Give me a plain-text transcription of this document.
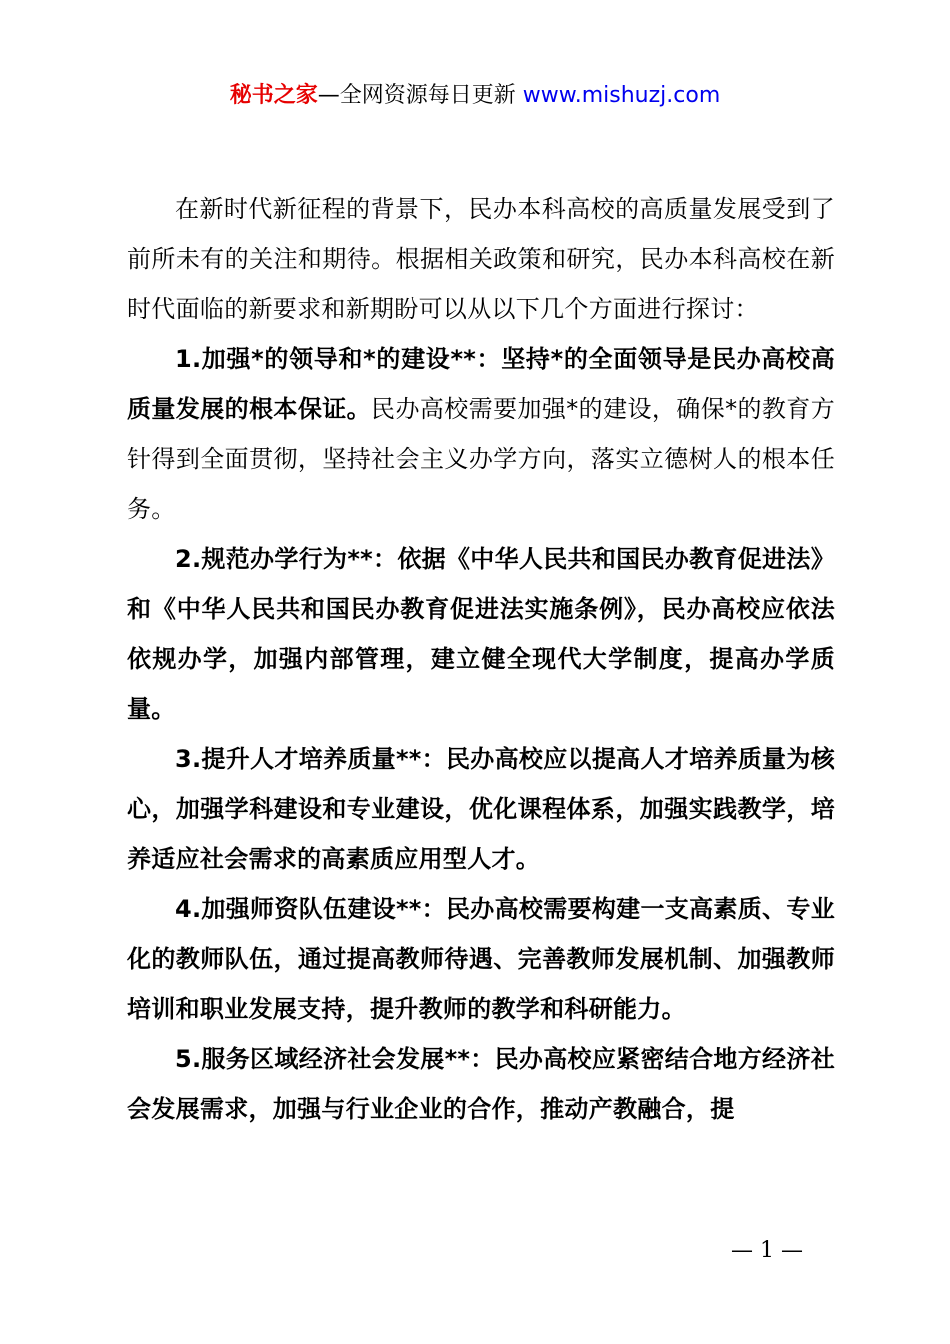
秘书之家—全网资源每日更新 www.mishuzj.com

在新时代新征程的背景下，民办本科高校的高质量发展受到了前所未有的关注和期待。根据相关政策和研究，民办本科高校在新时代面临的新要求和新期盼可以从以下几个方面进行探讨：

1.加强*的领导和*的建设**：坚持*的全面领导是民办高校高质量发展的根本保证。民办高校需要加强*的建设，确保*的教育方针得到全面贯彻，坚持社会主义办学方向，落实立德树人的根本任务。

2.规范办学行为**：依据《中华人民共和国民办教育促进法》和《中华人民共和国民办教育促进法实施条例》，民办高校应依法依规办学，加强内部管理，建立健全现代大学制度，提高办学质量。

3.提升人才培养质量**：民办高校应以提高人才培养质量为核心，加强学科建设和专业建设，优化课程体系，加强实践教学，培养适应社会需求的高素质应用型人才。

4.加强师资队伍建设**：民办高校需要构建一支高素质、专业化的教师队伍，通过提高教师待遇、完善教师发展机制、加强教师培训和职业发展支持，提升教师的教学和科研能力。

5.服务区域经济社会发展**：民办高校应紧密结合地方经济社会发展需求，加强与行业企业的合作，推动产教融合，提

— 1 —
